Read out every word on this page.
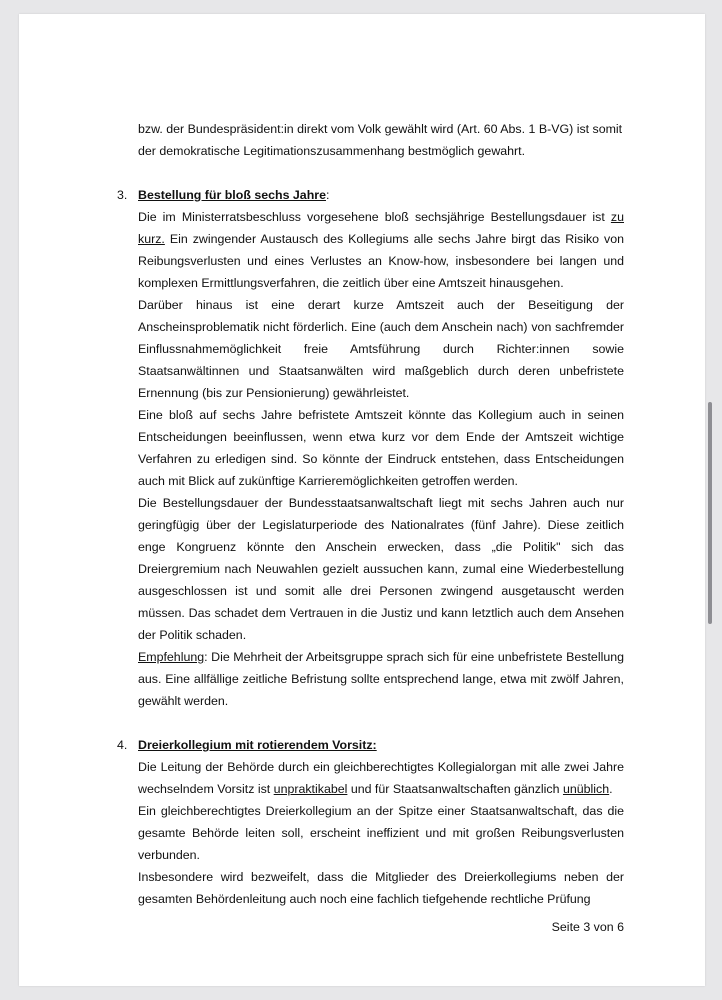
bzw. der Bundespräsident:in direkt vom Volk gewählt wird (Art. 60 Abs. 1 B-VG) ist somit

der demokratische Legitimationszusammenhang bestmöglich gewahrt.

3. Bestellung für bloß sechs Jahre:

Die im Ministerratsbeschluss vorgesehene bloß sechsjährige Bestellungsdauer ist zu kurz. Ein zwingender Austausch des Kollegiums alle sechs Jahre birgt das Risiko von Reibungsverlusten und eines Verlustes an Know-how, insbesondere bei langen und komplexen Ermittlungsverfahren, die zeitlich über eine Amtszeit hinausgehen.

Darüber hinaus ist eine derart kurze Amtszeit auch der Beseitigung der Anscheinsproblematik nicht förderlich. Eine (auch dem Anschein nach) von sachfremder Einflussnahmemöglichkeit freie Amtsführung durch Richter:innen sowie Staatsanwältinnen und Staatsanwälten wird maßgeblich durch deren unbefristete Ernennung (bis zur Pensionierung) gewährleistet.

Eine bloß auf sechs Jahre befristete Amtszeit könnte das Kollegium auch in seinen Entscheidungen beeinflussen, wenn etwa kurz vor dem Ende der Amtszeit wichtige Verfahren zu erledigen sind. So könnte der Eindruck entstehen, dass Entscheidungen auch mit Blick auf zukünftige Karrieremöglichkeiten getroffen werden.

Die Bestellungsdauer der Bundesstaatsanwaltschaft liegt mit sechs Jahren auch nur geringfügig über der Legislaturperiode des Nationalrates (fünf Jahre). Diese zeitlich enge Kongruenz könnte den Anschein erwecken, dass „die Politik" sich das Dreiergremium nach Neuwahlen gezielt aussuchen kann, zumal eine Wiederbestellung ausgeschlossen ist und somit alle drei Personen zwingend ausgetauscht werden müssen. Das schadet dem Vertrauen in die Justiz und kann letztlich auch dem Ansehen der Politik schaden.

Empfehlung: Die Mehrheit der Arbeitsgruppe sprach sich für eine unbefristete Bestellung aus. Eine allfällige zeitliche Befristung sollte entsprechend lange, etwa mit zwölf Jahren, gewählt werden.

4. Dreierkollegium mit rotierendem Vorsitz:

Die Leitung der Behörde durch ein gleichberechtigtes Kollegialorgan mit alle zwei Jahre wechselndem Vorsitz ist unpraktikabel und für Staatsanwaltschaften gänzlich unüblich.

Ein gleichberechtigtes Dreierkollegium an der Spitze einer Staatsanwaltschaft, das die gesamte Behörde leiten soll, erscheint ineffizient und mit großen Reibungsverlusten verbunden.

Insbesondere wird bezweifelt, dass die Mitglieder des Dreierkollegiums neben der gesamten Behördenleitung auch noch eine fachlich tiefgehende rechtliche Prüfung

Seite 3 von 6
